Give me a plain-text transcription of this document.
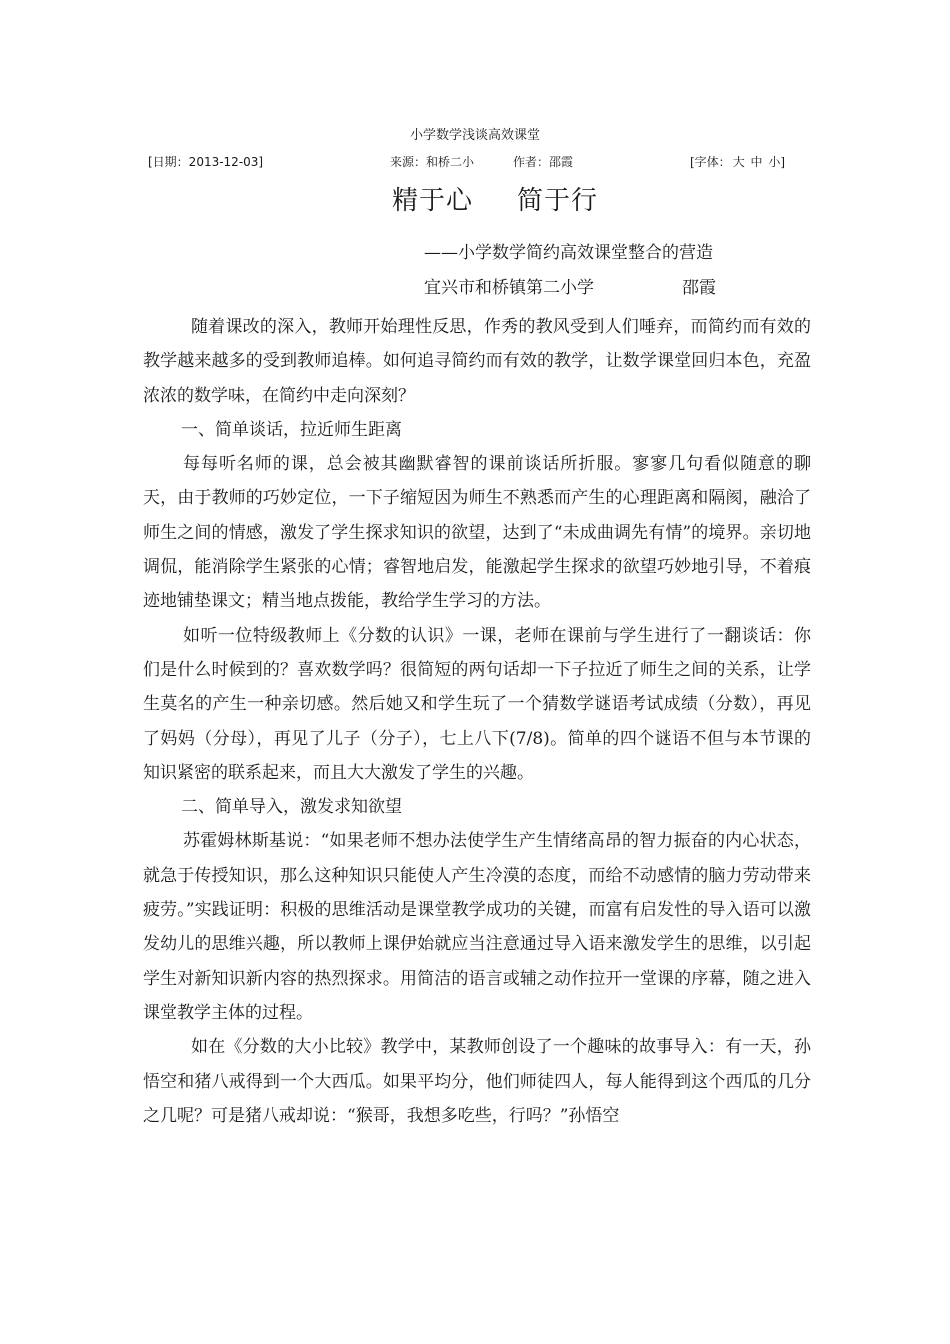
小学数学浅谈高效课堂
[日期：2013-12-03]	来源：和桥二小	作者：邵霞	[字体： 大 中 小]
精于心 简于行
——小学数学简约高效课堂整合的营造
宜兴市和桥镇第二小学	邵霞

随着课改的深入，教师开始理性反思，作秀的教风受到人们唾弃，而简约而有效的教学越来越多的受到教师追棒。如何追寻简约而有效的教学，让数学课堂回归本色，充盈浓浓的数学味，在简约中走向深刻？

一、简单谈话，拉近师生距离

每每听名师的课，总会被其幽默睿智的课前谈话所折服。寥寥几句看似随意的聊天，由于教师的巧妙定位，一下子缩短因为师生不熟悉而产生的心理距离和隔阂，融洽了师生之间的情感，激发了学生探求知识的欲望，达到了“未成曲调先有情”的境界。亲切地调侃，能消除学生紧张的心情；睿智地启发，能激起学生探求的欲望巧妙地引导，不着痕迹地铺垫课文；精当地点拨能，教给学生学习的方法。

如听一位特级教师上《分数的认识》一课，老师在课前与学生进行了一翻谈话：你们是什么时候到的？喜欢数学吗？很简短的两句话却一下子拉近了师生之间的关系，让学生莫名的产生一种亲切感。然后她又和学生玩了一个猜数学谜语考试成绩（分数），再见了妈妈（分母），再见了儿子（分子），七上八下(7/8)。简单的四个谜语不但与本节课的知识紧密的联系起来，而且大大激发了学生的兴趣。

二、简单导入，激发求知欲望

苏霍姆林斯基说：“如果老师不想办法使学生产生情绪高昂的智力振奋的内心状态，就急于传授知识，那么这种知识只能使人产生冷漠的态度，而给不动感情的脑力劳动带来疲劳。”实践证明：积极的思维活动是课堂教学成功的关键，而富有启发性的导入语可以激发幼儿的思维兴趣，所以教师上课伊始就应当注意通过导入语来激发学生的思维，以引起学生对新知识新内容的热烈探求。用简洁的语言或辅之动作拉开一堂课的序幕，随之进入课堂教学主体的过程。

如在《分数的大小比较》教学中，某教师创设了一个趣味的故事导入：有一天，孙悟空和猪八戒得到一个大西瓜。如果平均分，他们师徒四人，每人能得到这个西瓜的几分之几呢？可是猪八戒却说：“猴哥，我想多吃些，行吗？”孙悟空
